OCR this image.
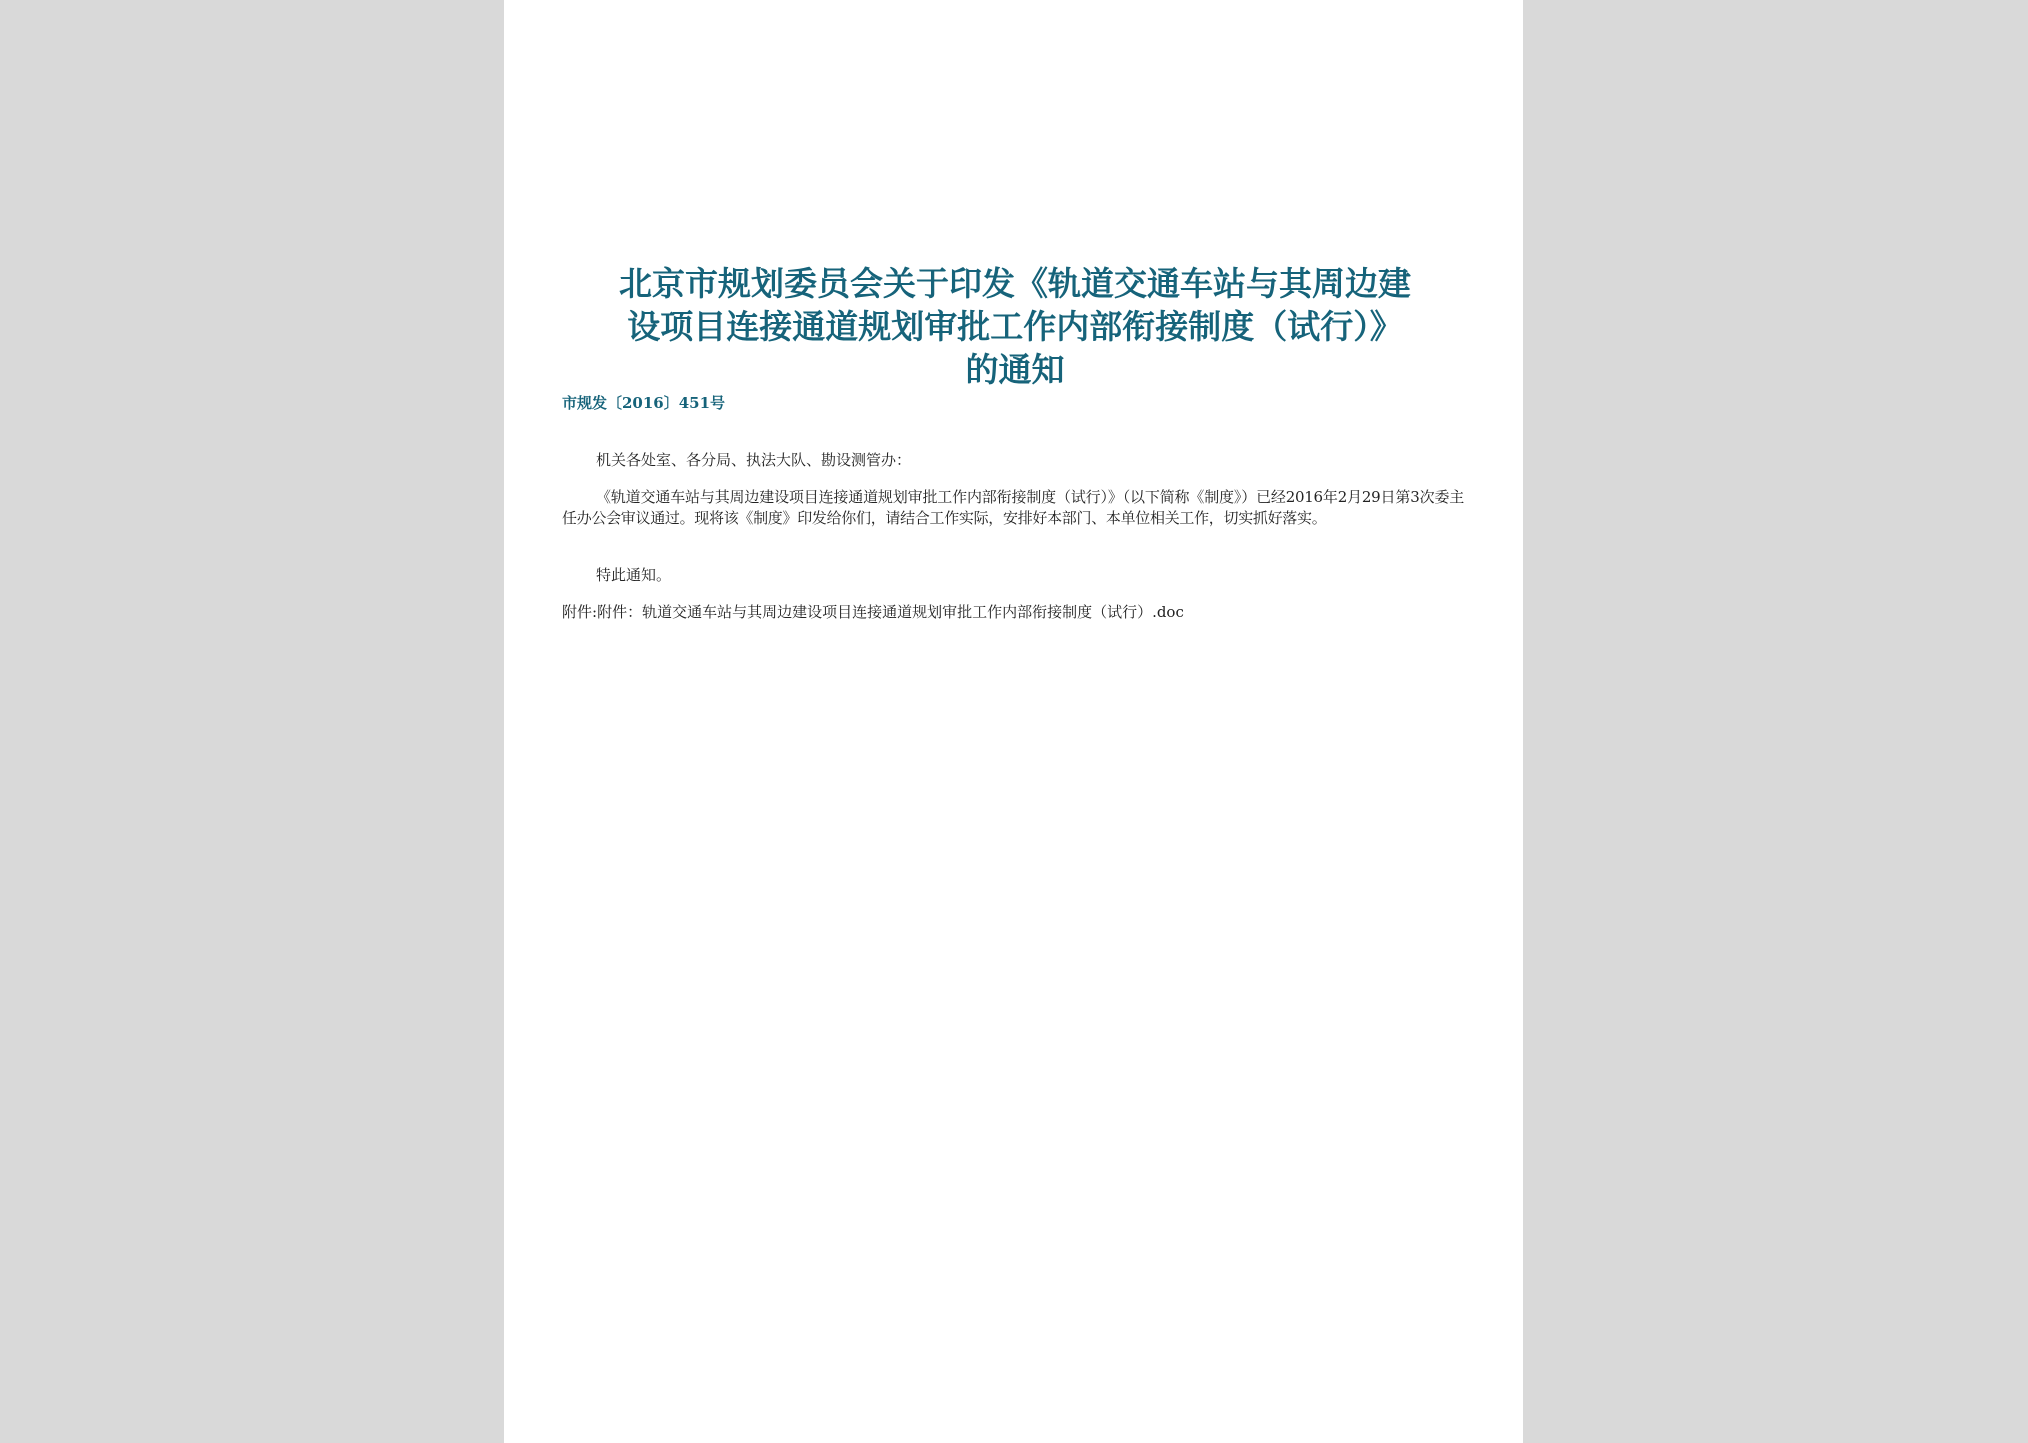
北京市规划委员会关于印发《轨道交通车站与其周边建
设项目连接通道规划审批工作内部衔接制度（试行）》
的通知
市规发〔2016〕451号

机关各处室、各分局、执法大队、勘设测管办：

《轨道交通车站与其周边建设项目连接通道规划审批工作内部衔接制度（试行）》（以下简称《制度》）已经2016年2月29日第3次委主任办公会审议通过。现将该《制度》印发给你们，请结合工作实际，安排好本部门、本单位相关工作，切实抓好落实。

特此通知。

附件:附件：轨道交通车站与其周边建设项目连接通道规划审批工作内部衔接制度（试行）.doc
